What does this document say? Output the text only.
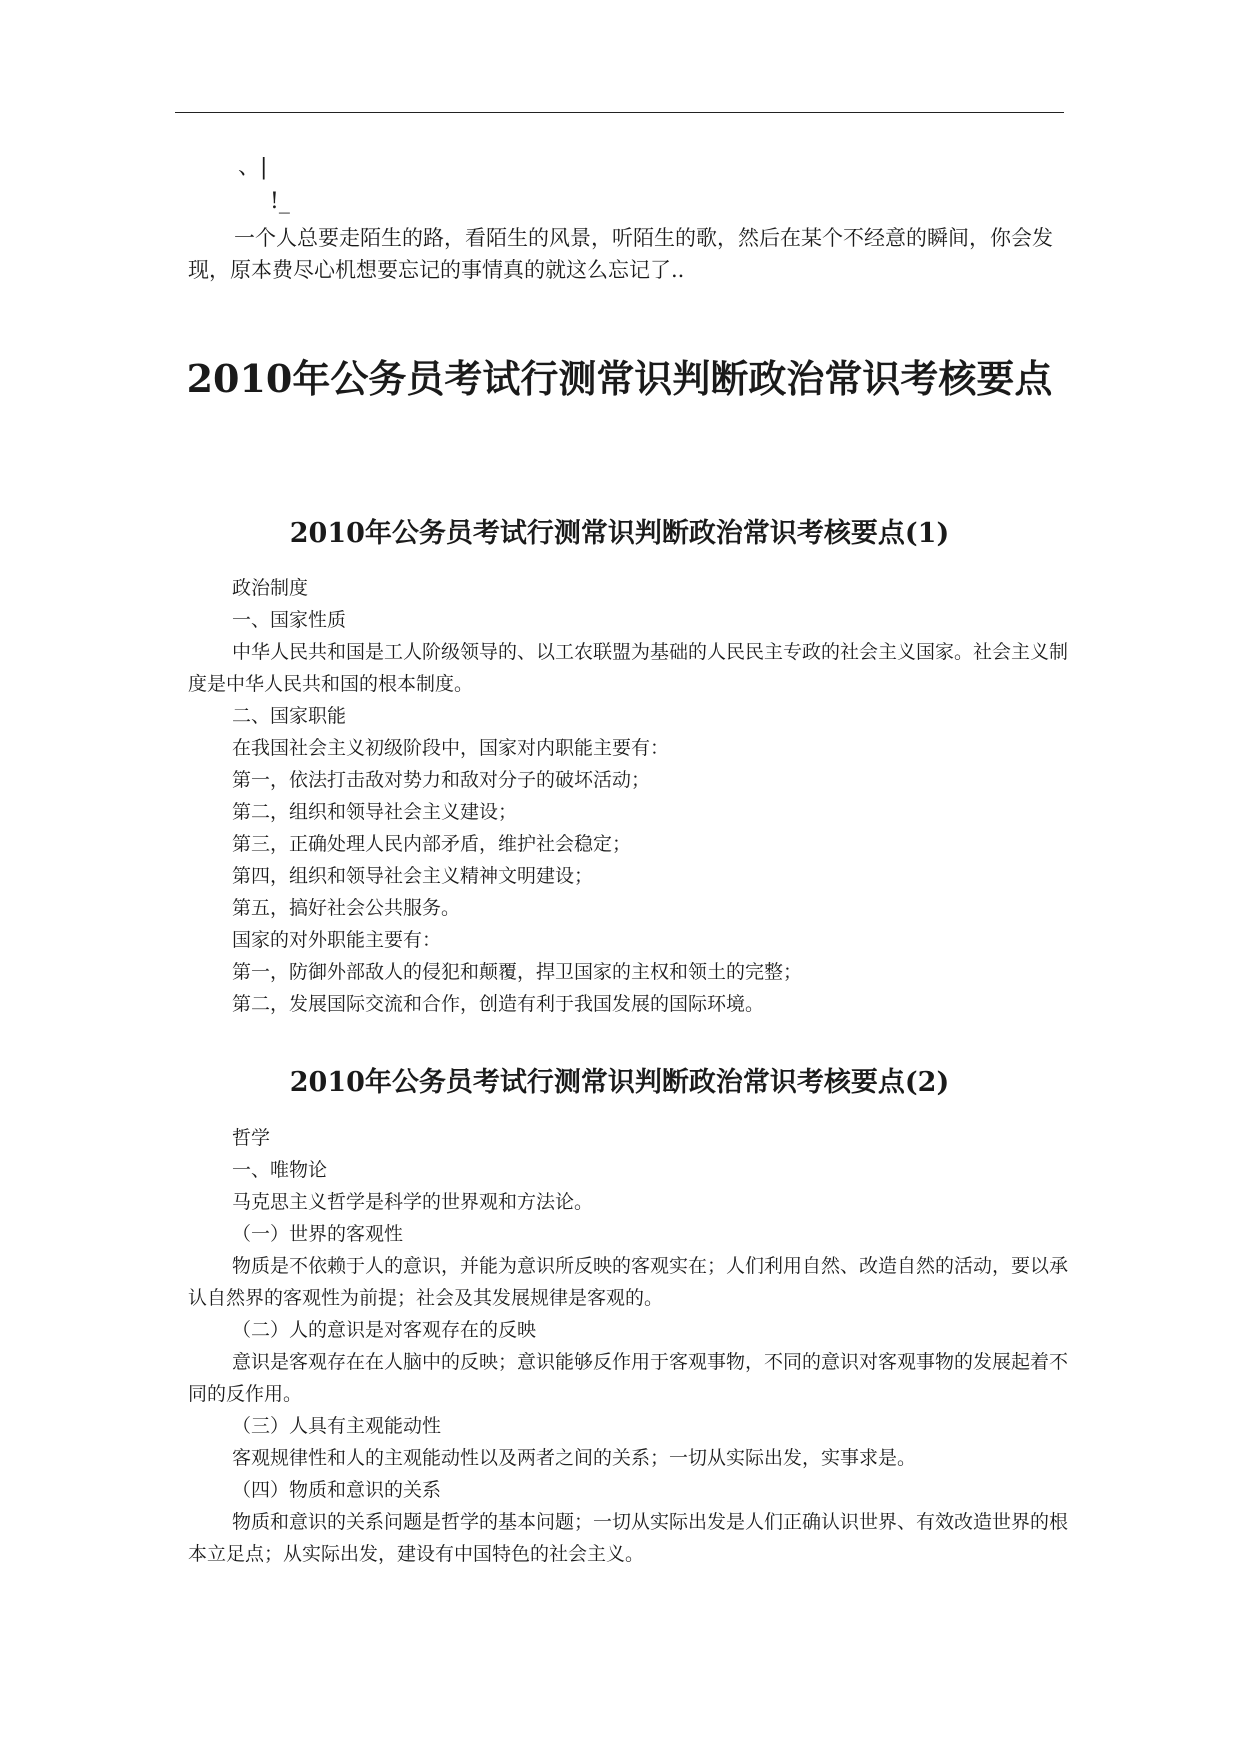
、|
!_

一个人总要走陌生的路，看陌生的风景，听陌生的歌，然后在某个不经意的瞬间，你会发现，原本费尽心机想要忘记的事情真的就这么忘记了..

2010年公务员考试行测常识判断政治常识考核要点
2010年公务员考试行测常识判断政治常识考核要点(1)

政治制度

一、国家性质

中华人民共和国是工人阶级领导的、以工农联盟为基础的人民民主专政的社会主义国家。社会主义制度是中华人民共和国的根本制度。

二、国家职能

在我国社会主义初级阶段中，国家对内职能主要有：

第一，依法打击敌对势力和敌对分子的破坏活动；

第二，组织和领导社会主义建设；

第三，正确处理人民内部矛盾，维护社会稳定；

第四，组织和领导社会主义精神文明建设；

第五，搞好社会公共服务。

国家的对外职能主要有：

第一，防御外部敌人的侵犯和颠覆，捍卫国家的主权和领土的完整；

第二，发展国际交流和合作，创造有利于我国发展的国际环境。

2010年公务员考试行测常识判断政治常识考核要点(2)

哲学

一、唯物论

马克思主义哲学是科学的世界观和方法论。

（一）世界的客观性

物质是不依赖于人的意识，并能为意识所反映的客观实在；人们利用自然、改造自然的活动，要以承认自然界的客观性为前提；社会及其发展规律是客观的。

（二）人的意识是对客观存在的反映

意识是客观存在在人脑中的反映；意识能够反作用于客观事物，不同的意识对客观事物的发展起着不同的反作用。

（三）人具有主观能动性

客观规律性和人的主观能动性以及两者之间的关系；一切从实际出发，实事求是。

（四）物质和意识的关系

物质和意识的关系问题是哲学的基本问题；一切从实际出发是人们正确认识世界、有效改造世界的根本立足点；从实际出发，建设有中国特色的社会主义。
